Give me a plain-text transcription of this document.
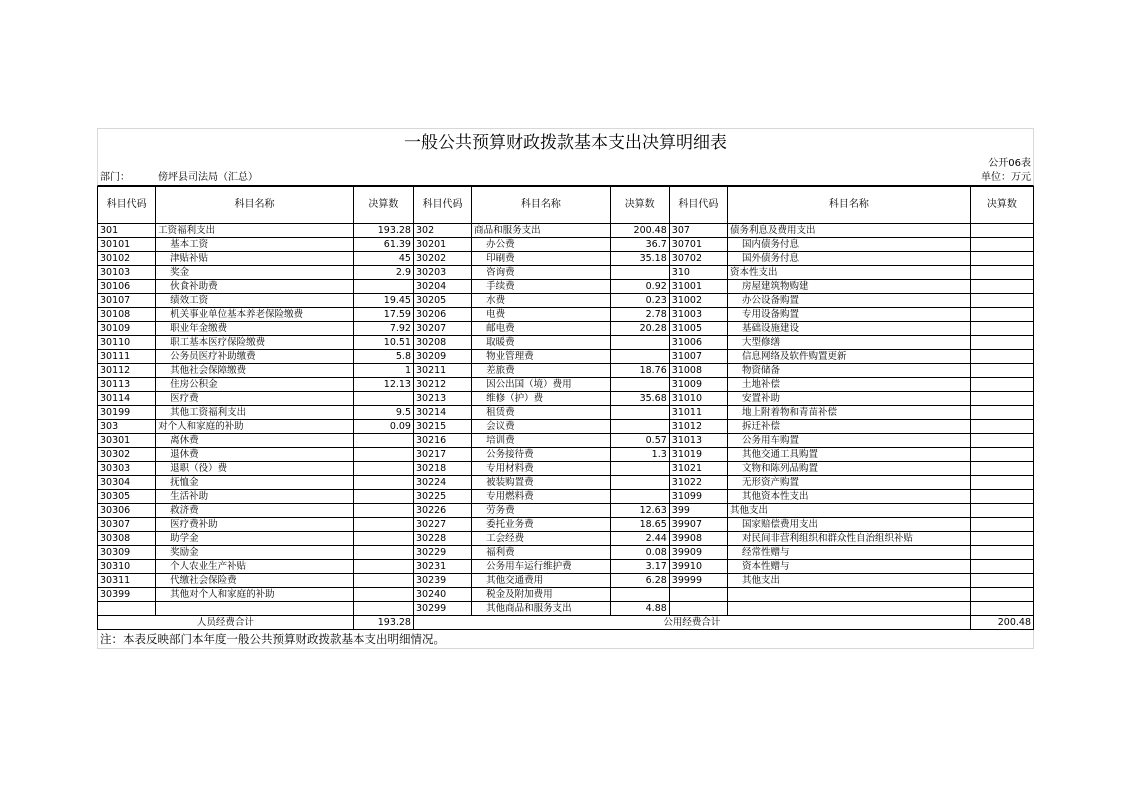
一般公共预算财政拨款基本支出决算明细表
公开06表
部门：	傍坪县司法局（汇总）	单位：万元
科目代码	科目名称	决算数	科目代码	科目名称	决算数	科目代码	科目名称	决算数
301	工资福利支出	193.28	302	商品和服务支出	200.48	307	债务利息及费用支出	
30101	基本工资	61.39	30201	办公费	36.7	30701	国内债务付息	
30102	津贴补贴	45	30202	印刷费	35.18	30702	国外债务付息	
30103	奖金	2.9	30203	咨询费		310	资本性支出	
30106	伙食补助费		30204	手续费	0.92	31001	房屋建筑物购建	
30107	绩效工资	19.45	30205	水费	0.23	31002	办公设备购置	
30108	机关事业单位基本养老保险缴费	17.59	30206	电费	2.78	31003	专用设备购置	
30109	职业年金缴费	7.92	30207	邮电费	20.28	31005	基础设施建设	
30110	职工基本医疗保险缴费	10.51	30208	取暖费		31006	大型修缮	
30111	公务员医疗补助缴费	5.8	30209	物业管理费		31007	信息网络及软件购置更新	
30112	其他社会保障缴费	1	30211	差旅费	18.76	31008	物资储备	
30113	住房公积金	12.13	30212	因公出国（境）费用		31009	土地补偿	
30114	医疗费		30213	维修（护）费	35.68	31010	安置补助	
30199	其他工资福利支出	9.5	30214	租赁费		31011	地上附着物和青苗补偿	
303	对个人和家庭的补助	0.09	30215	会议费		31012	拆迁补偿	
30301	离休费		30216	培训费	0.57	31013	公务用车购置	
30302	退休费		30217	公务接待费	1.3	31019	其他交通工具购置	
30303	退职（役）费		30218	专用材料费		31021	文物和陈列品购置	
30304	抚恤金		30224	被装购置费		31022	无形资产购置	
30305	生活补助		30225	专用燃料费		31099	其他资本性支出	
30306	救济费		30226	劳务费	12.63	399	其他支出	
30307	医疗费补助		30227	委托业务费	18.65	39907	国家赔偿费用支出	
30308	助学金		30228	工会经费	2.44	39908	对民间非营利组织和群众性自治组织补贴	
30309	奖励金		30229	福利费	0.08	39909	经常性赠与	
30310	个人农业生产补贴		30231	公务用车运行维护费	3.17	39910	资本性赠与	
30311	代缴社会保险费		30239	其他交通费用	6.28	39999	其他支出	
30399	其他对个人和家庭的补助		30240	税金及附加费用				
			30299	其他商品和服务支出	4.88			
人员经费合计		193.28	公用经费合计					200.48
注：本表反映部门本年度一般公共预算财政拨款基本支出明细情况。
